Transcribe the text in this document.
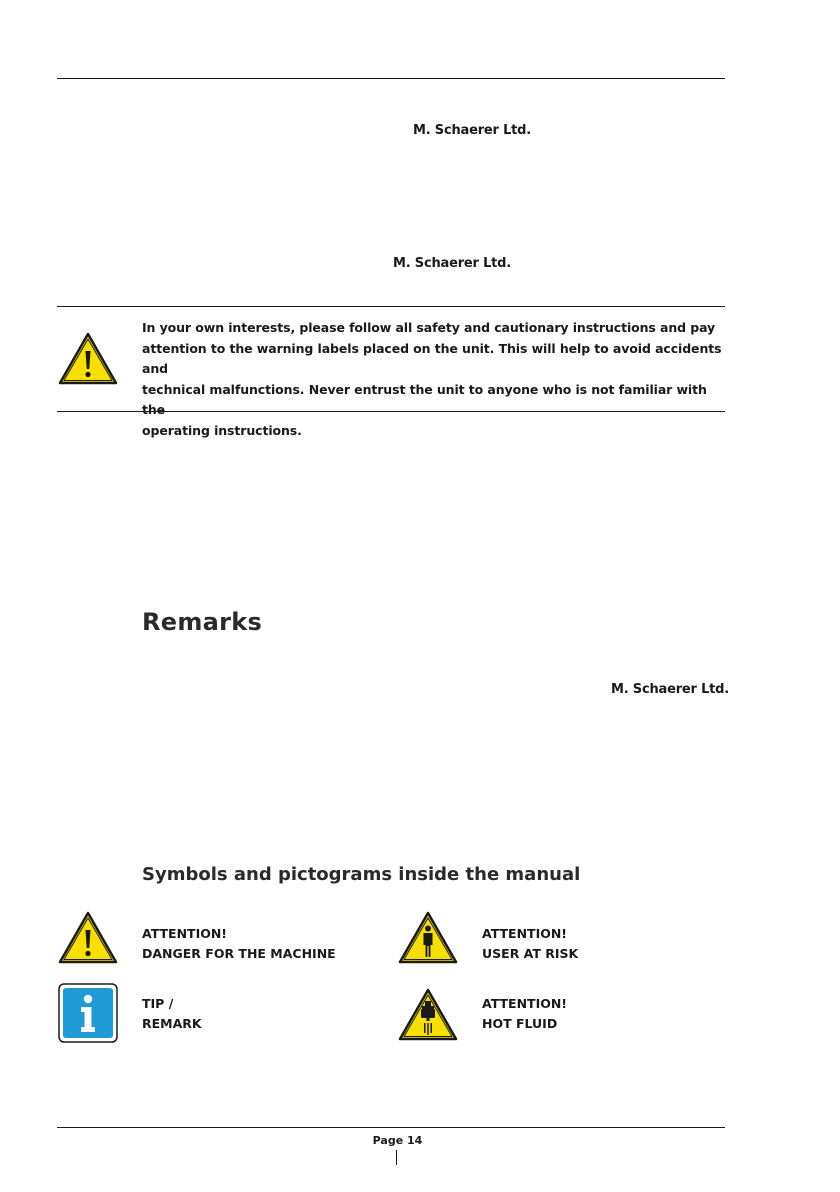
M. Schaerer Ltd.
M. Schaerer Ltd.
In your own interests, please follow all safety and cautionary instructions and pay
attention to the warning labels placed on the unit. This will help to avoid accidents and
technical malfunctions. Never entrust the unit to anyone who is not familiar with the
operating instructions.
Remarks
M. Schaerer Ltd.
Symbols and pictograms inside the manual
ATTENTION!
DANGER FOR THE MACHINE
ATTENTION!
USER AT RISK
TIP /
REMARK
ATTENTION!
HOT FLUID
Page 14
